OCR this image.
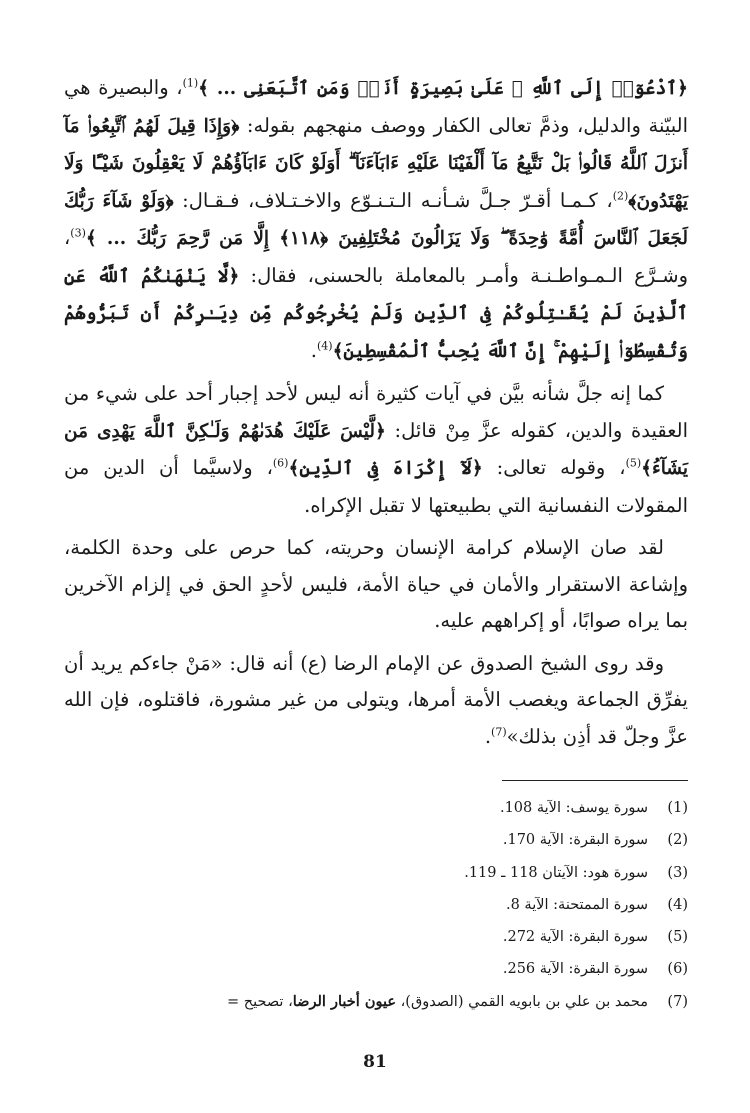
﴿ٱدْعُوٓا۟ إِلَى ٱللَّهِ ۚ عَلَىٰ بَصِيرَةٍ أَنَا۠ وَمَنِ ٱتَّبَعَنِى ... ﴾$^{(1)}$، والبصيرة هي البيّنة والدليل، وذمَّ تعالى الكفار ووصف منهجهم بقوله: ﴿وَإِذَا قِيلَ لَهُمُ ٱتَّبِعُوا۟ مَآ أَنزَلَ ٱللَّهُ قَالُوا۟ بَلْ نَتَّبِعُ مَآ أَلْفَيْنَا عَلَيْهِ ءَابَآءَنَآ ۗ أَوَلَوْ كَانَ ءَابَآؤُهُمْ لَا يَعْقِلُونَ شَيْـًٔا وَلَا يَهْتَدُونَ﴾$^{(2)}$، كـمـا أقـرّ جـلَّ شـأنـه الـتـنـوّع والاخـتـلاف، فـقـال: ﴿وَلَوْ شَآءَ رَبُّكَ لَجَعَلَ ٱلنَّاسَ أُمَّةً وَٰحِدَةً ۖ وَلَا يَزَالُونَ مُخْتَلِفِينَ ﴿١١٨﴾ إِلَّا مَن رَّحِمَ رَبُّكَ ... ﴾$^{(3)}$، وشـرَّع الـمـواطـنـة وأمـر بالمعاملة بالحسنى، فقال: ﴿لَّا يَنْهَىٰكُمُ ٱللَّهُ عَنِ ٱلَّذِينَ لَمْ يُقَـٰتِلُوكُمْ فِى ٱلدِّينِ وَلَمْ يُخْرِجُوكُم مِّن دِيَـٰرِكُمْ أَن تَبَرُّوهُمْ وَتُقْسِطُوٓا۟ إِلَيْهِمْ ۚ إِنَّ ٱللَّهَ يُحِبُّ ٱلْمُقْسِطِينَ﴾$^{(4)}$.

كما إنه جلَّ شأنه بيَّن في آيات كثيرة أنه ليس لأحد إجبار أحد على شيء من العقيدة والدين، كقوله عزَّ مِنْ قائل: ﴿لَّيْسَ عَلَيْكَ هُدَىٰهُمْ وَلَـٰكِنَّ ٱللَّهَ يَهْدِى مَن يَشَآءُ﴾$^{(5)}$، وقوله تعالى: ﴿لَآ إِكْرَاهَ فِى ٱلدِّينِ﴾$^{(6)}$، ولاسيَّما أن الدين من المقولات النفسانية التي بطبيعتها لا تقبل الإكراه.

لقد صان الإسلام كرامة الإنسان وحريته، كما حرص على وحدة الكلمة، وإشاعة الاستقرار والأمان في حياة الأمة، فليس لأحدٍ الحق في إلزام الآخرين بما يراه صوابًا، أو إكراههم عليه.

وقد روى الشيخ الصدوق عن الإمام الرضا (ع) أنه قال: «مَنْ جاءكم يريد أن يفرِّق الجماعة ويغصب الأمة أمرها، ويتولى من غير مشورة، فاقتلوه، فإن الله عزَّ وجلّ قد أذِن بذلك»$^{(7)}$.

(1)
سورة يوسف: الآية 108.
(2)
سورة البقرة: الآية 170.
(3)
سورة هود: الآيتان 118 ـ 119.
(4)
سورة الممتحنة: الآية 8.
(5)
سورة البقرة: الآية 272.
(6)
سورة البقرة: الآية 256.
(7)
محمد بن علي بن بابويه القمي (الصدوق)، عيون أخبار الرضا، تصحيح =
81
